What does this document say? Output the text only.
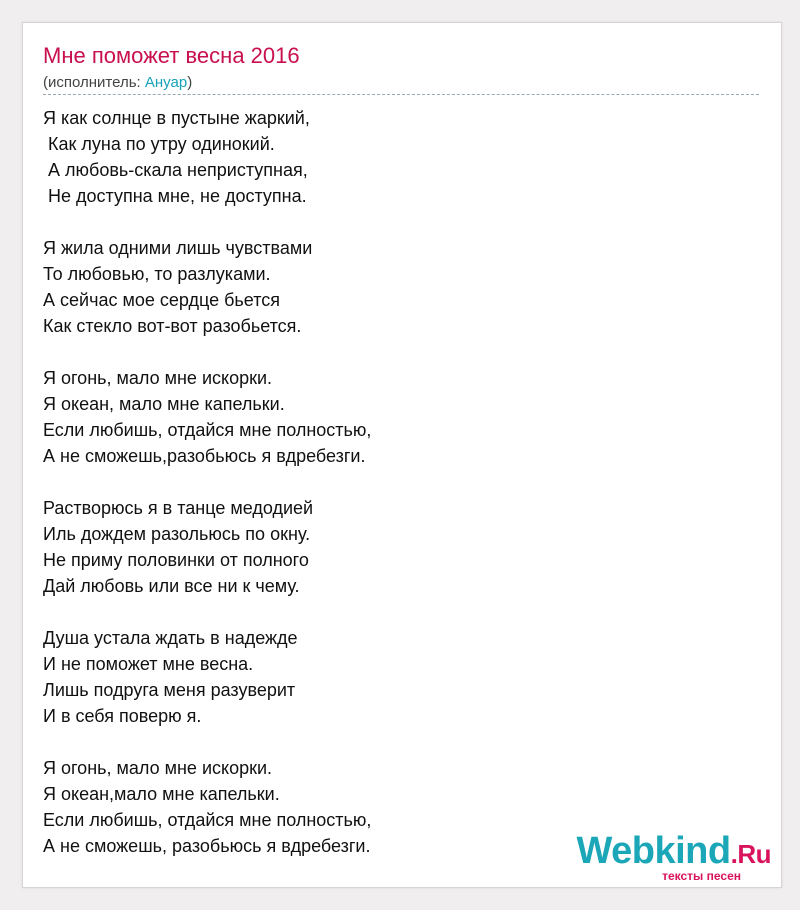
Мне поможет весна 2016
(исполнитель: Ануар)
Я как солнце в пустыне жаркий,
Как луна по утру одинокий.
А любовь-скала неприступная,
Не доступна мне, не доступна.
Я жила одними лишь чувствами
То любовью, то разлуками.
А сейчас мое сердце бьется
Как стекло вот-вот разобьется.
Я огонь, мало мне искорки.
Я океан, мало мне капельки.
Если любишь, отдайся мне полностью,
А не сможешь,разобьюсь я вдребезги.
Растворюсь я в танце медодией
Иль дождем разольюсь по окну.
Не приму половинки от полного
Дай любовь или все ни к чему.
Душа устала ждать в надежде
И не поможет мне весна.
Лишь подруга меня разуверит
И в себя поверю я.
Я огонь, мало мне искорки.
Я океан,мало мне капельки.
Если любишь, отдайся мне полностью,
А не сможешь, разобьюсь я вдребезги.	Webkind.Ru
тексты песен
